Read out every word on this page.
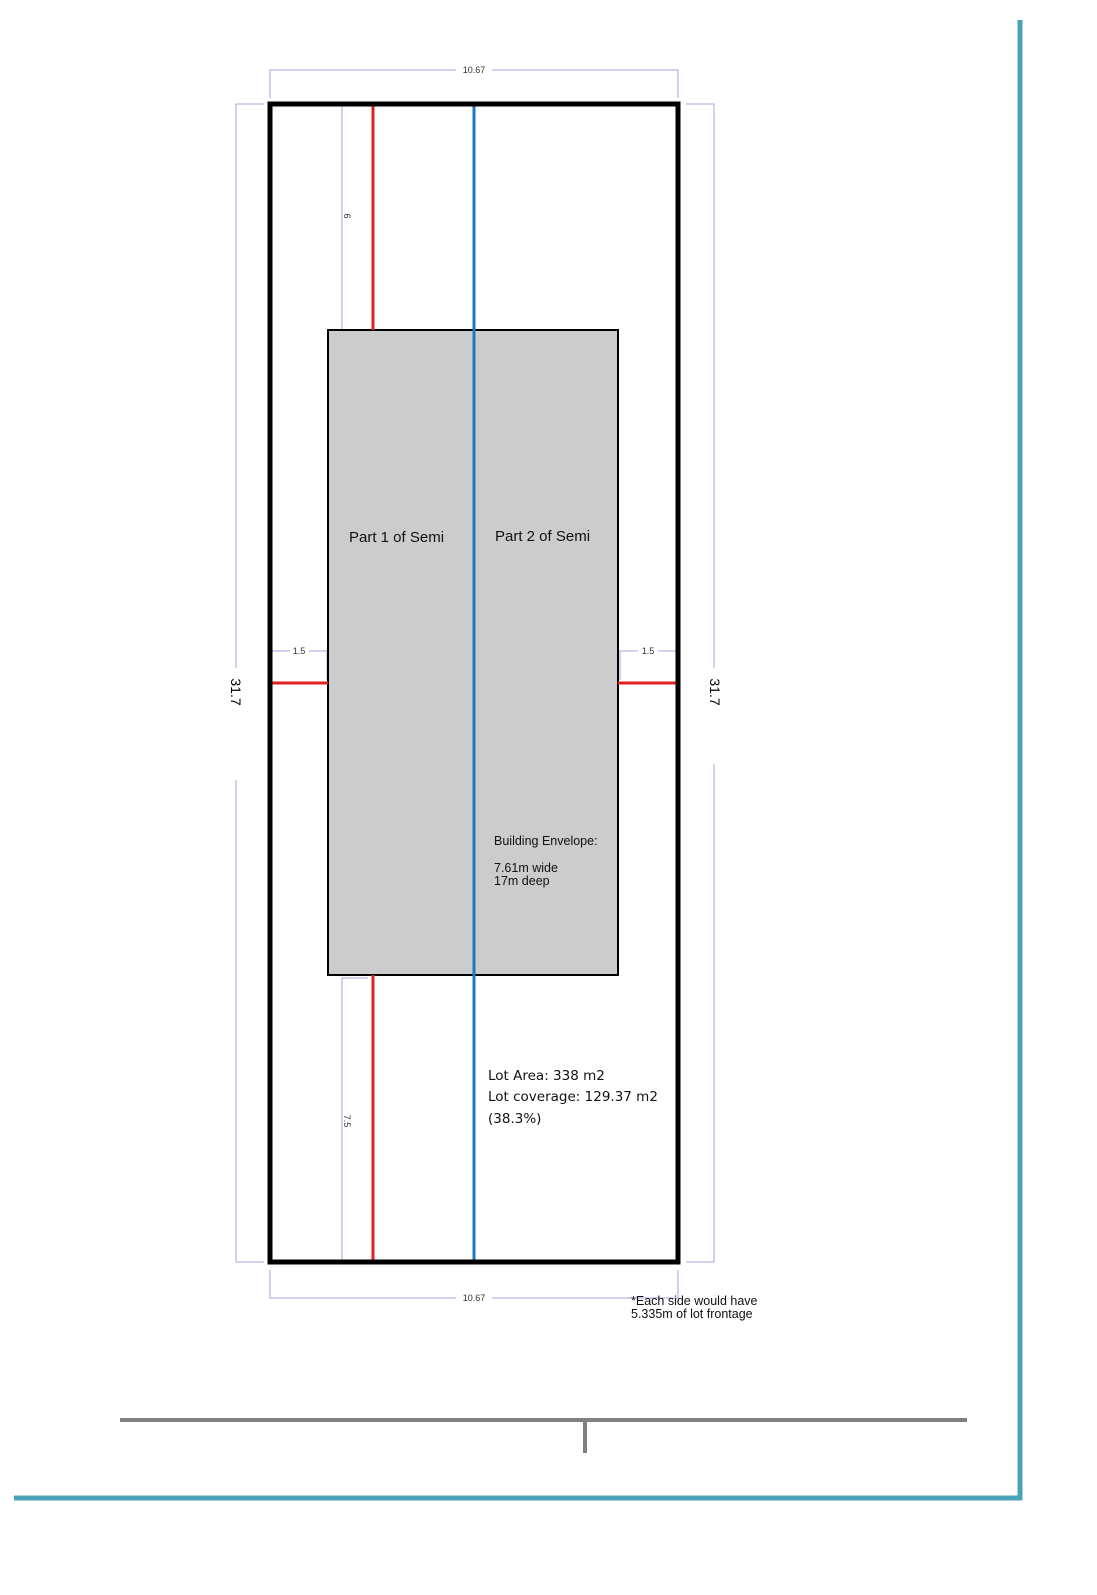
10.67
10.67
31.7	31.7
6
7.5
1.5	1.5
Part 1 of Semi	Part 2 of Semi
Building Envelope:
7.61m wide
17m deep
Lot Area: 338 m2
Lot coverage: 129.37 m2
(38.3%)
*Each side would have
5.335m of lot frontage
